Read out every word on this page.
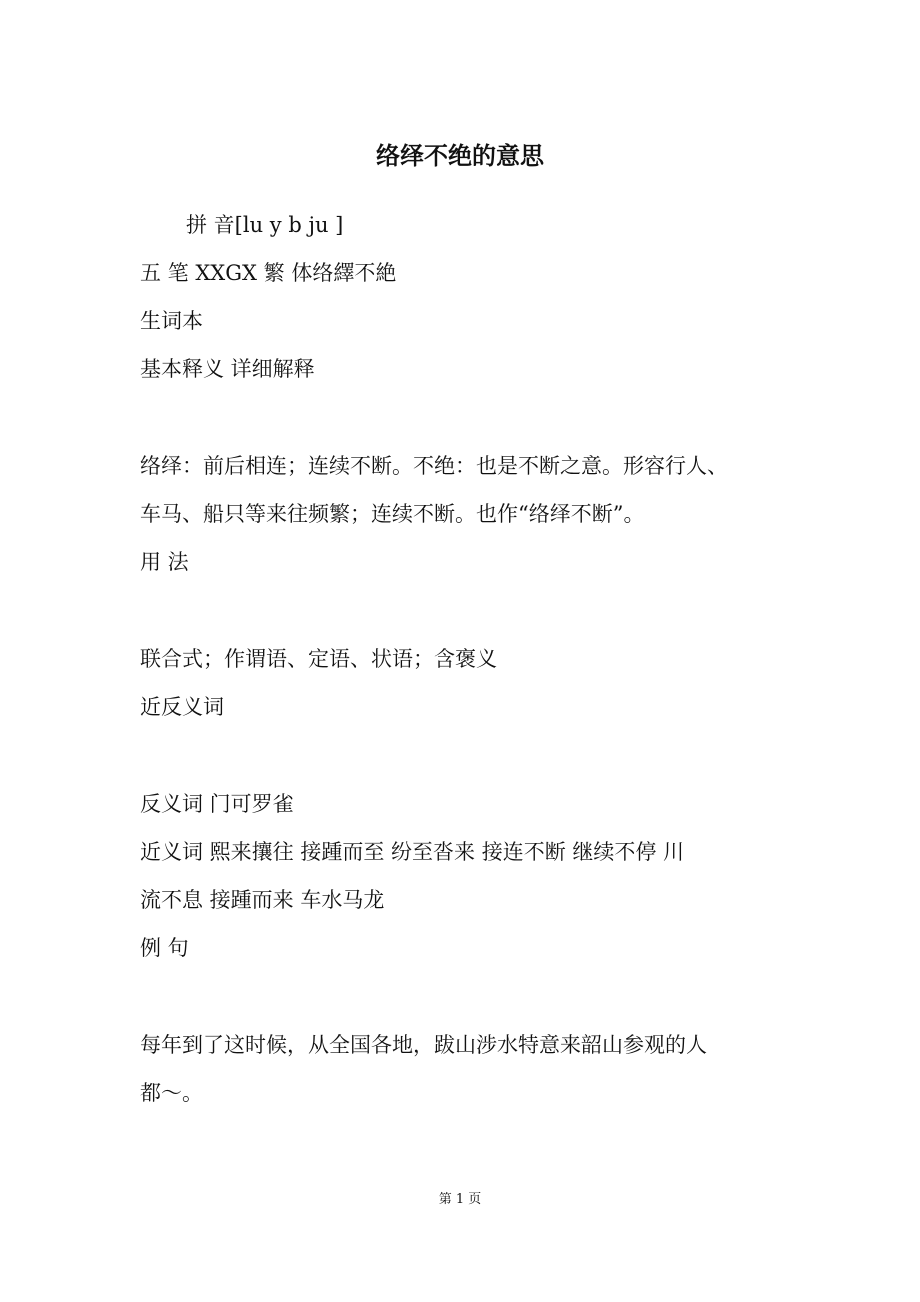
络绎不绝的意思
拼 音[lu y b ju ]
五 笔 XXGX 繁 体络繹不絶
生词本
基本释义 详细解释
络绎：前后相连；连续不断。不绝：也是不断之意。形容行人、
车马、船只等来往频繁；连续不断。也作“络绎不断”。
用 法
联合式；作谓语、定语、状语；含褒义
近反义词
反义词 门可罗雀
近义词 熙来攘往 接踵而至 纷至沓来 接连不断 继续不停 川
流不息 接踵而来 车水马龙
例 句
每年到了这时候，从全国各地，跋山涉水特意来韶山参观的人
都～。
第 1 页
